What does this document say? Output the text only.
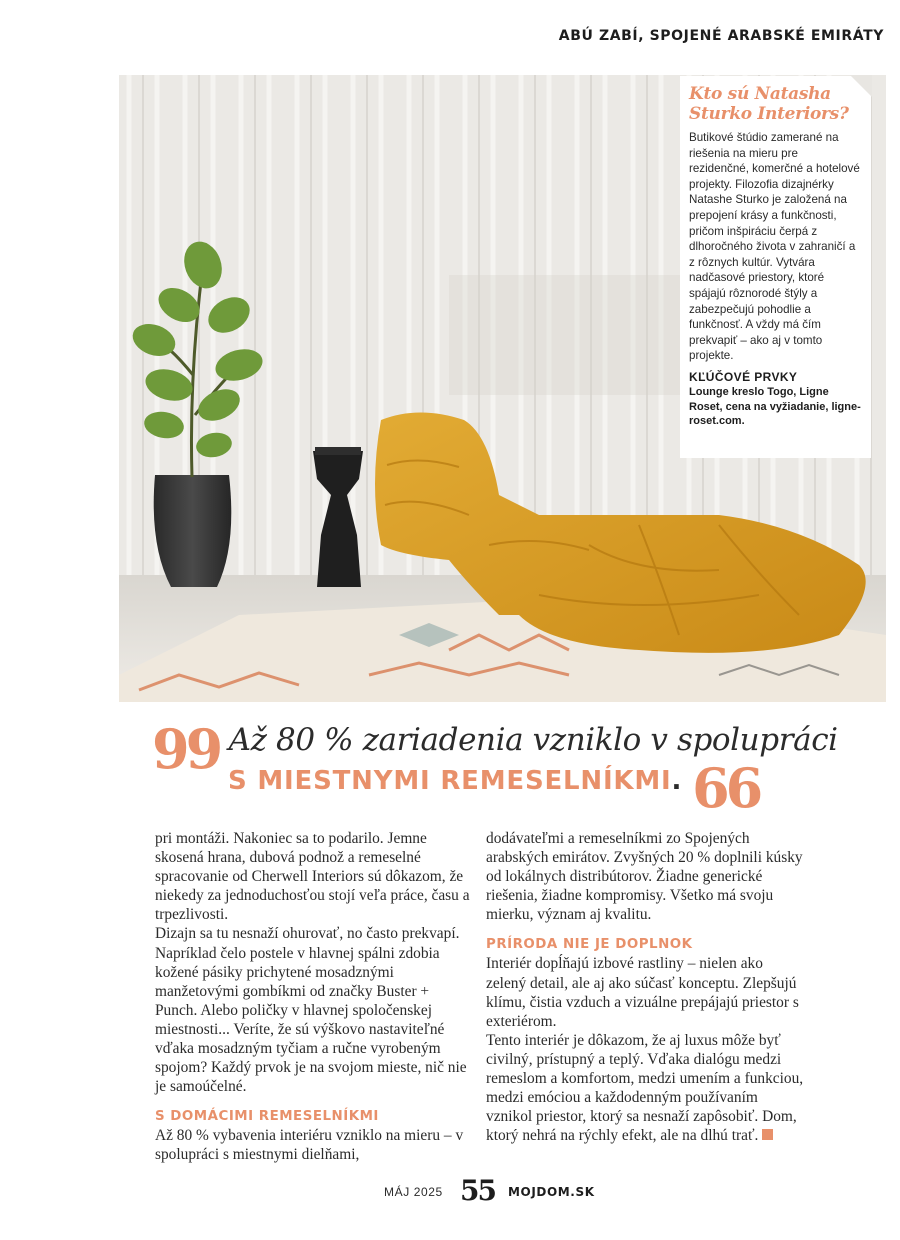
ABÚ ZABÍ, SPOJENÉ ARABSKÉ EMIRÁTY
Kto sú Natasha Sturko Interiors?

Butikové štúdio zamerané na riešenia na mieru pre rezidenčné, komerčné a hotelové projekty. Filozofia dizajnérky Natashe Sturko je založená na prepojení krásy a funkčnosti, pričom inšpiráciu čerpá z dlhoročného života v zahraničí a z rôznych kultúr. Vytvára nadčasové priestory, ktoré spájajú rôznorodé štýly a zabezpečujú pohodlie a funkčnosť. A vždy má čím prekvapiť – ako aj v tomto projekte.

KĽÚČOVÉ PRVKY

Lounge kreslo Togo, Ligne Roset, cena na vyžiadanie, ligne-roset.com.

99 Až 80 % zariadenia vzniklo v spolupráci
S MIESTNYMI REMESELNÍKMI. 66

pri montáži. Nakoniec sa to podarilo. Jemne skosená hrana, dubová podnož a remeselné spracovanie od Cherwell Interiors sú dôkazom, že niekedy za jednoduchosťou stojí veľa práce, času a trpezlivosti.

Dizajn sa tu nesnaží ohurovať, no často prekvapí. Napríklad čelo postele v hlavnej spálni zdobia kožené pásiky prichytené mosadznými manžetovými gombíkmi od značky Buster + Punch. Alebo poličky v hlavnej spoločenskej miestnosti... Veríte, že sú výškovo nastaviteľné vďaka mosadzným tyčiam a ručne vyrobeným spojom? Každý prvok je na svojom mieste, nič nie je samoúčelné.

S DOMÁCIMI REMESELNÍKMI

Až 80 % vybavenia interiéru vzniklo na mieru – v spolupráci s miestnymi dielňami,

dodávateľmi a remeselníkmi zo Spojených arabských emirátov. Zvyšných 20 % doplnili kúsky od lokálnych distribútorov. Žiadne generické riešenia, žiadne kompromisy. Všetko má svoju mierku, význam aj kvalitu.

PRÍRODA NIE JE DOPLNOK

Interiér dopĺňajú izbové rastliny – nielen ako zelený detail, ale aj ako súčasť konceptu. Zlepšujú klímu, čistia vzduch a vizuálne prepájajú priestor s exteriérom.

Tento interiér je dôkazom, že aj luxus môže byť civilný, prístupný a teplý. Vďaka dialógu medzi remeslom a komfortom, medzi umením a funkciou, medzi emóciou a každodenným používaním vznikol priestor, ktorý sa nesnaží zapôsobiť. Dom, ktorý nehrá na rýchly efekt, ale na dlhú trať.

MÁJ 2025 55 MOJDOM.SK
